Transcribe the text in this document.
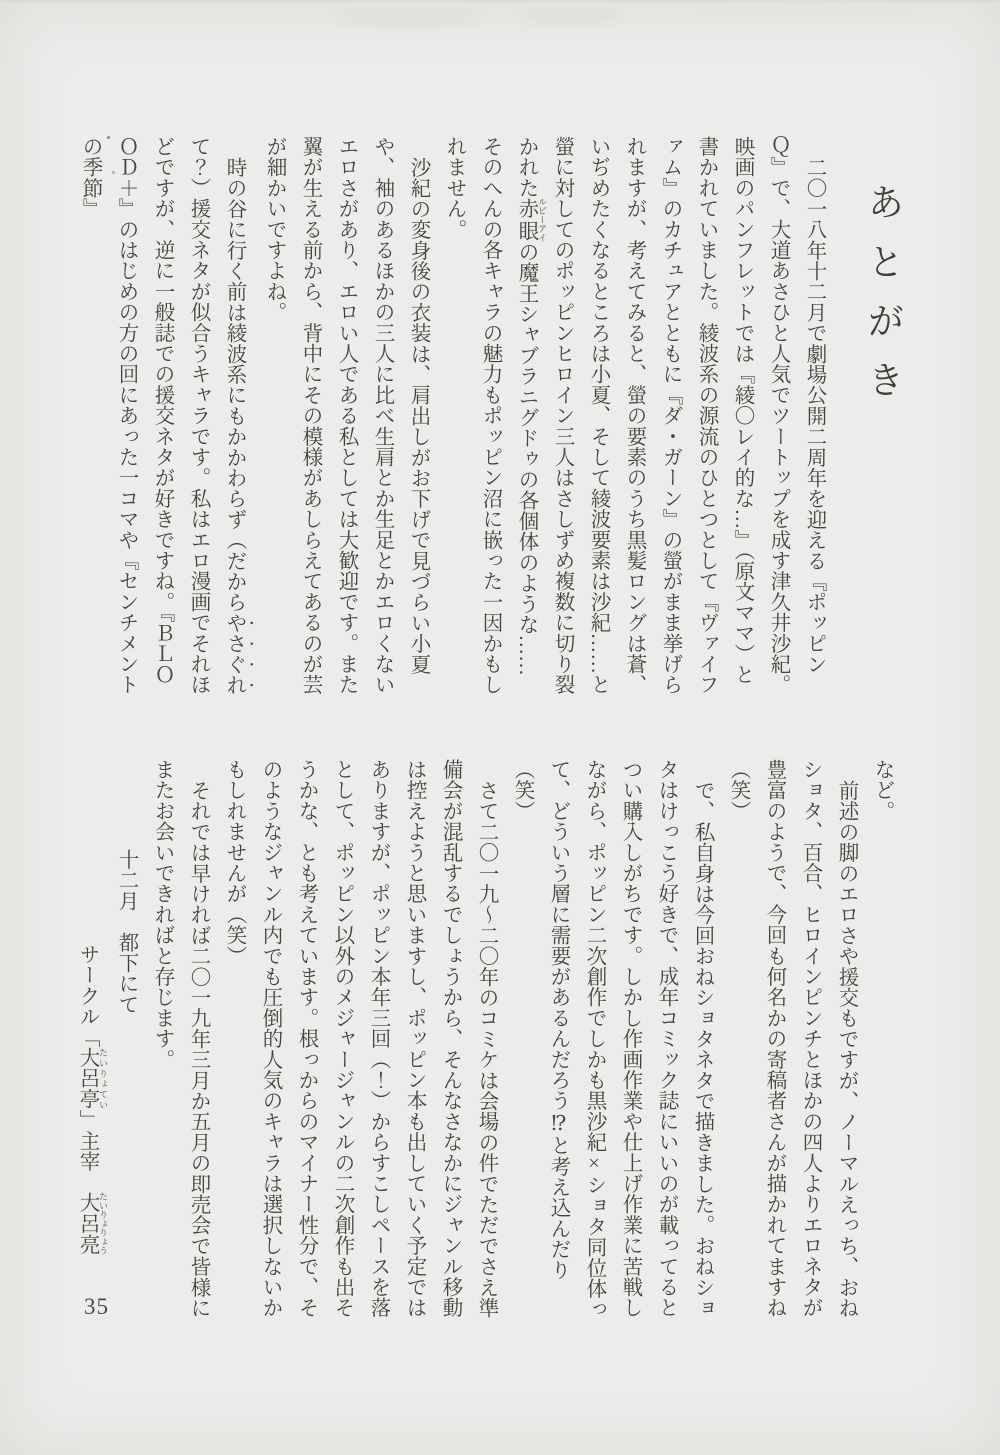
あとがき

二〇一八年十二月で劇場公開二周年を迎える『ポッピンＱ』で、大道あさひと人気でツートップを成す津久井沙紀。映画のパンフレットでは『綾〇レイ的な…』（原文ママ）と書かれていました。綾波系の源流のひとつとして『ヴァイファム』のカチュアとともに『ダ・ガーン』の螢がまま挙げられますが、考えてみると、螢の要素のうち黒髪ロングは蒼、いぢめたくなるところは小夏、そして綾波要素は沙紀……と螢に対してのポッピンヒロイン三人はさしずめ複数に切り裂かれた赤眼 ルビーアイの魔王シャブラニグドゥの各個体のような……そのへんの各キャラの魅力もポッピン沼に嵌った一因かもしれません。

沙紀の変身後の衣装は、肩出しがお下げで見づらい小夏や、袖のあるほかの三人に比べ生肩とか生足とかエロくないエロさがあり、エロい人である私としては大歓迎です。また翼が生える前から、背中にその模様があしらえてあるのが芸が細かいですよね。

時の谷に行く前は綾波系にもかかわらず（だからやさぐれて？）援交ネタが似合うキャラです。私はエロ漫画でそれほどですが、逆に一般誌での援交ネタが好きですね。『ＢＬＯＯＤ＋』のはじめの方の回にあった一コマや『センチメントの季節』

など。

前述の脚のエロさや援交もですが、ノーマルえっち、おねショタ、百合、ヒロインピンチとほかの四人よりエロネタが豊富のようで、今回も何名かの寄稿者さんが描かれてますね（笑）

で、私自身は今回おねショタネタで描きました。おねショタはけっこう好きで、成年コミック誌にいいのが載ってるとつい購入しがちです。しかし作画作業や仕上げ作業に苦戦しながら、ポッピン二次創作でしかも黒沙紀×ショタ同位体って、どういう層に需要があるんだろう⁉と考え込んだり（笑）

さて二〇一九〜二〇年のコミケは会場の件でただでさえ準備会が混乱するでしょうから、そんなさなかにジャンル移動は控えようと思いますし、ポッピン本も出していく予定ではありますが、ポッピン本年三回（！）からすこしペースを落として、ポッピン以外のメジャージャンルの二次創作も出そうかな、とも考えています。根っからのマイナー性分で、そのようなジャンル内でも圧倒的人気のキャラは選択しないかもしれませんが（笑）

それでは早ければ二〇一九年三月か五月の即売会で皆様にまたお会いできればと存じます。

十二月　都下にて

サークル「大呂亭 たいりょてい」主宰　大呂亮 たいりょりょう

35
